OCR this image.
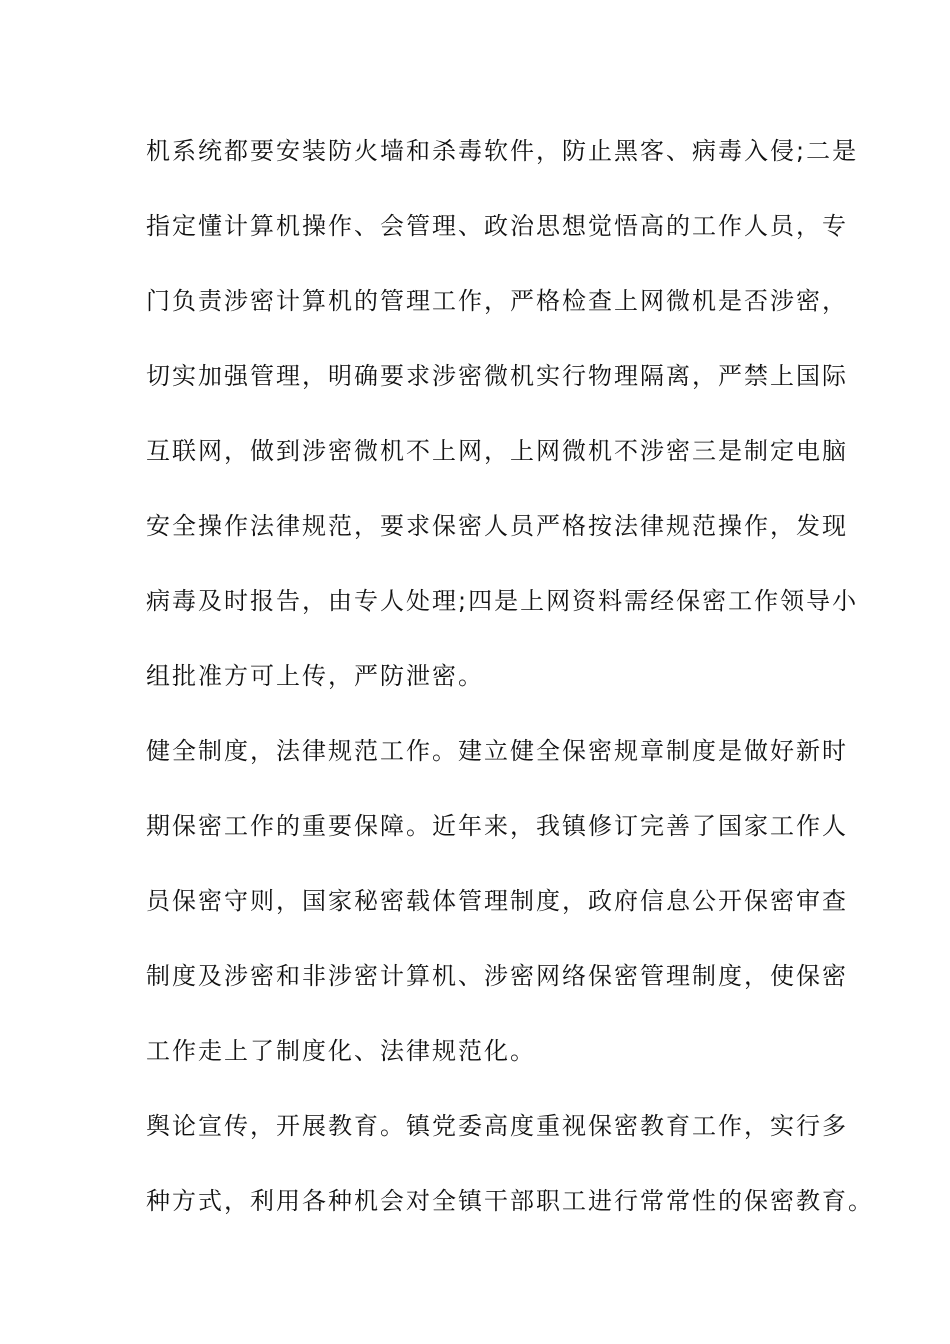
机系统都要安装防火墙和杀毒软件，防止黑客、病毒入侵;二是
指定懂计算机操作、会管理、政治思想觉悟高的工作人员，专
门负责涉密计算机的管理工作，严格检查上网微机是否涉密，
切实加强管理，明确要求涉密微机实行物理隔离，严禁上国际
互联网，做到涉密微机不上网，上网微机不涉密三是制定电脑
安全操作法律规范，要求保密人员严格按法律规范操作，发现
病毒及时报告，由专人处理;四是上网资料需经保密工作领导小
组批准方可上传，严防泄密。
健全制度，法律规范工作。建立健全保密规章制度是做好新时
期保密工作的重要保障。近年来，我镇修订完善了国家工作人
员保密守则，国家秘密载体管理制度，政府信息公开保密审查
制度及涉密和非涉密计算机、涉密网络保密管理制度，使保密
工作走上了制度化、法律规范化。
舆论宣传，开展教育。镇党委高度重视保密教育工作，实行多
种方式，利用各种机会对全镇干部职工进行常常性的保密教育。
